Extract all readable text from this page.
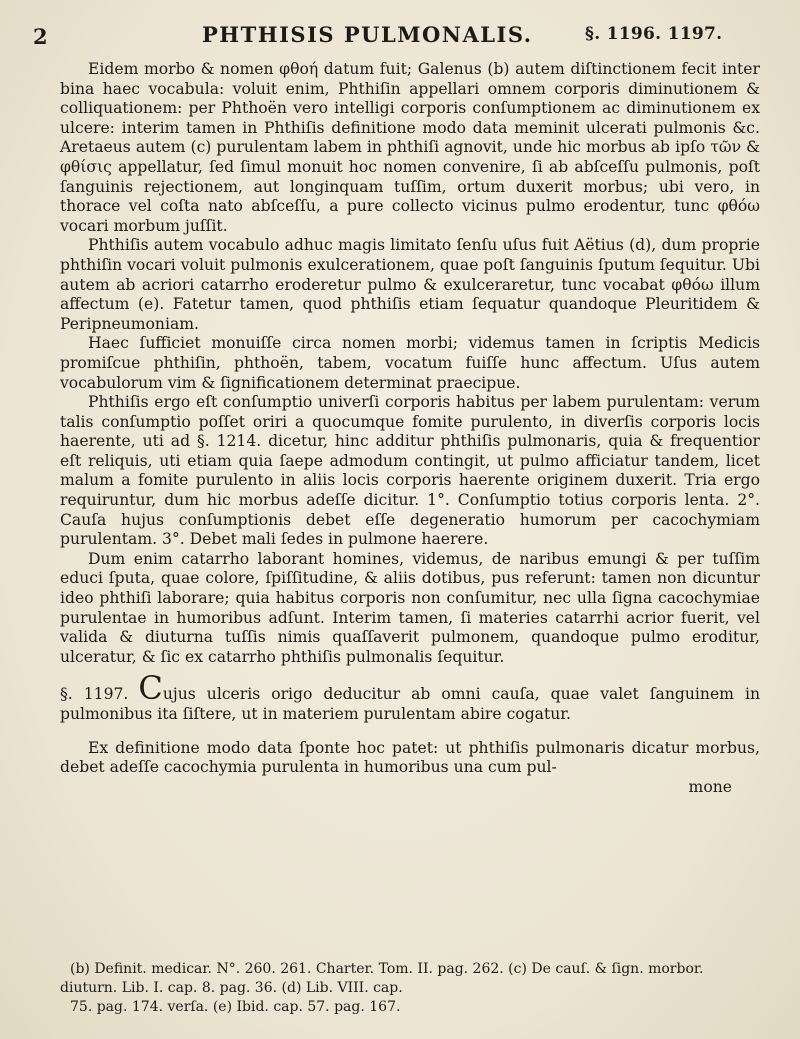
2	PHTHISIS PULMONALIS.	§. 1196. 1197.

Eidem morbo & nomen φθοή datum fuit; Galenus (b) autem diſtinctionem fecit inter bina haec vocabula: voluit enim, Phthiſin appellari omnem corporis diminutionem & colliquationem: per Phthoën vero intelligi corporis conſumptionem ac diminutionem ex ulcere: interim tamen in Phthiſis definitione modo data meminit ulcerati pulmonis &c. Aretaeus autem (c) purulentam labem in phthiſi agnovit, unde hic morbus ab ipſo τῶν & φθίσις appellatur, ſed ſimul monuit hoc nomen convenire, ſi ab abſceſſu pulmonis, poſt ſanguinis rejectionem, aut longinquam tuſſim, ortum duxerit morbus; ubi vero, in thorace vel coſta nato abſceſſu, a pure collecto vicinus pulmo erodentur, tunc φθόω vocari morbum juſſit.

Phthiſis autem vocabulo adhuc magis limitato ſenſu uſus fuit Aëtius (d), dum proprie phthiſin vocari voluit pulmonis exulcerationem, quae poſt ſanguinis ſputum ſequitur. Ubi autem ab acriori catarrho eroderetur pulmo & exulceraretur, tunc vocabat φθόω illum affectum (e). Fatetur tamen, quod phthiſis etiam ſequatur quandoque Pleuritidem & Peripneumoniam.

Haec ſufficiet monuiſſe circa nomen morbi; videmus tamen in ſcriptis Medicis promiſcue phthiſin, phthoën, tabem, vocatum fuiſſe hunc affectum. Uſus autem vocabulorum vim & ſignificationem determinat praecipue.

Phthiſis ergo eſt conſumptio univerſi corporis habitus per labem purulentam: verum talis conſumptio poſſet oriri a quocumque fomite purulento, in diverſis corporis locis haerente, uti ad §. 1214. dicetur, hinc additur phthiſis pulmonaris, quia & frequentior eſt reliquis, uti etiam quia ſaepe admodum contingit, ut pulmo afficiatur tandem, licet malum a fomite purulento in aliis locis corporis haerente originem duxerit. Tria ergo requiruntur, dum hic morbus adeſſe dicitur. 1°. Conſumptio totius corporis lenta. 2°. Cauſa hujus conſumptionis debet eſſe degeneratio humorum per cacochymiam purulentam. 3°. Debet mali ſedes in pulmone haerere.

Dum enim catarrho laborant homines, videmus, de naribus emungi & per tuſſim educi ſputa, quae colore, ſpiſſitudine, & aliis dotibus, pus referunt: tamen non dicuntur ideo phthiſi laborare; quia habitus corporis non conſumitur, nec ulla ſigna cacochymiae purulentae in humoribus adſunt. Interim tamen, ſi materies catarrhi acrior fuerit, vel valida & diuturna tuſſis nimis quaſſaverit pulmonem, quandoque pulmo eroditur, ulceratur, & ſic ex catarrho phthiſis pulmonalis ſequitur.

§. 1197. Cujus ulceris origo deducitur ab omni cauſa, quae valet ſanguinem in pulmonibus ita ſiſtere, ut in materiem purulentam abire cogatur.

Ex definitione modo data ſponte hoc patet: ut phthiſis pulmonaris dicatur morbus, debet adeſſe cacochymia purulenta in humoribus una cum pul-

mone

(b) Definit. medicar. N°. 260. 261. Charter. Tom. II. pag. 262. (c) De cauſ. & ſign. morbor. diuturn. Lib. I. cap. 8. pag. 36. (d) Lib. VIII. cap.

75. pag. 174. verſa. (e) Ibid. cap. 57. pag. 167.
